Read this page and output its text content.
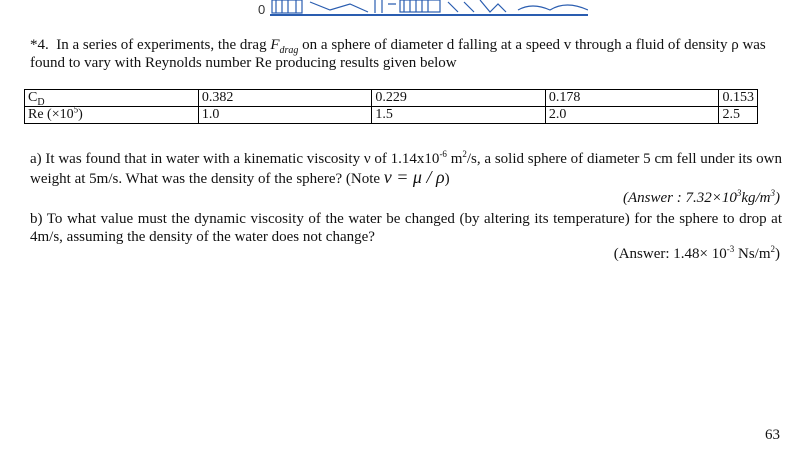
0
*4. In a series of experiments, the drag $F_{drag}$ on a sphere of diameter d falling at a speed v through a fluid of density ρ was found to vary with Reynolds number Re producing results given below
$C_D$	0.382	0.229	0.178	0.153
Re $(\times 10^5)$	1.0	1.5	2.0	2.5
a) It was found that in water with a kinematic viscosity ν of $1.14x10^{-6}$ $m^2/s$, a solid sphere of diameter 5 cm fell under its own weight at 5m/s. What was the density of the sphere? (Note ν = μ / ρ)
(Answer : $7.32\times 10^3kg/m^3$)
b) To what value must the dynamic viscosity of the water be changed (by altering its temperature) for the sphere to drop at 4m/s, assuming the density of the water does not change?
(Answer: $1.48\times 10^{-3}$ $Ns/m^2$)
63
